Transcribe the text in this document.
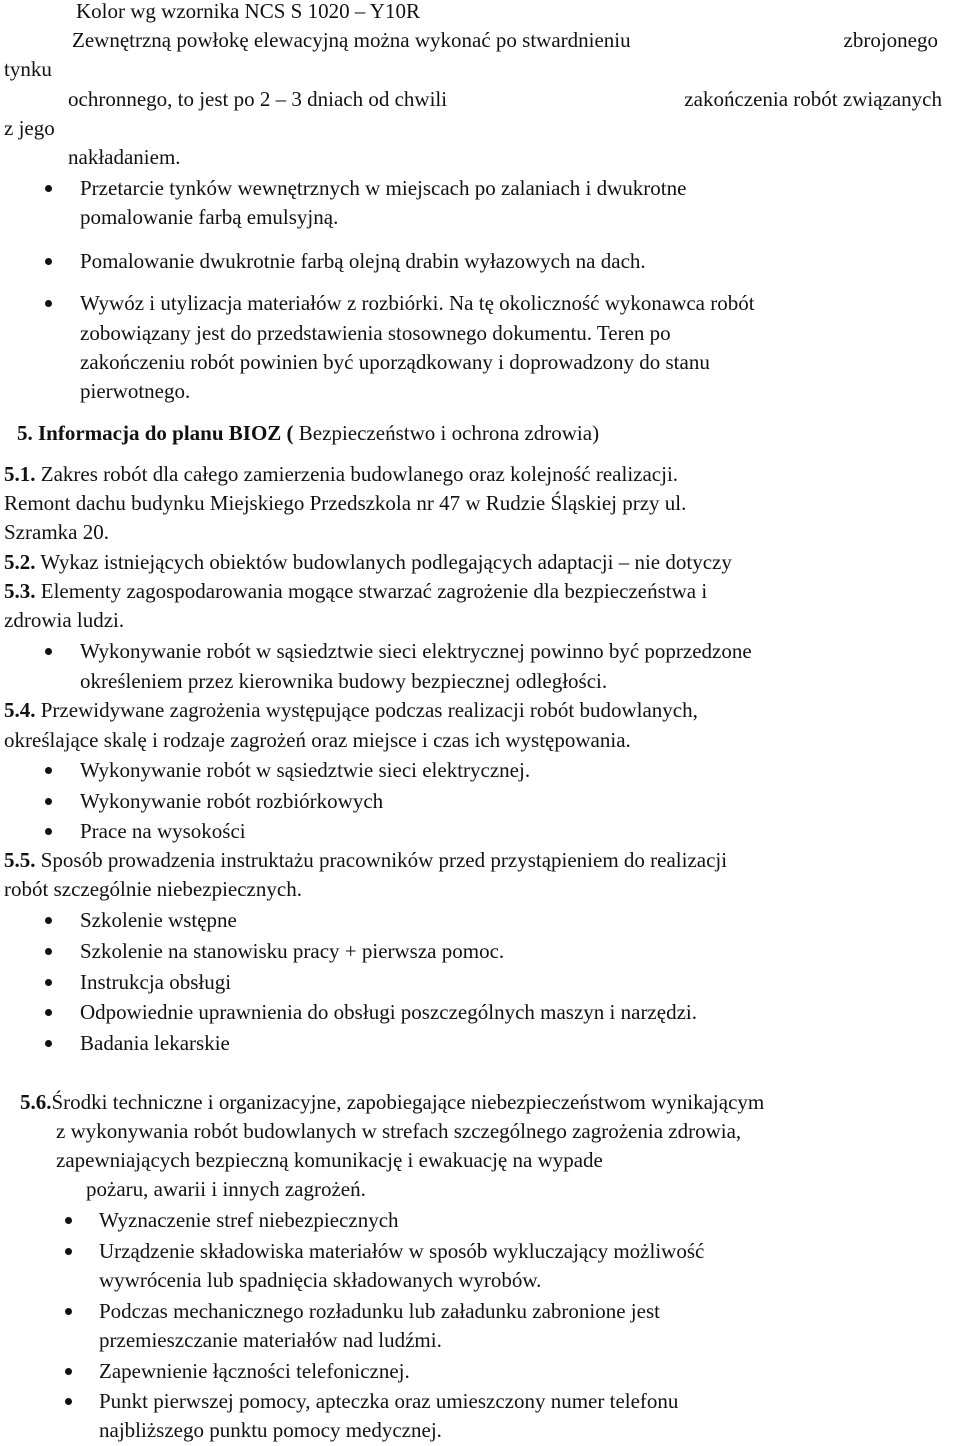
Kolor wg wzornika NCS S 1020 – Y10R
Zewnętrzną powłokę elewacyjną można wykonać po stwardnieniu	zbrojonego
tynku
ochronnego, to jest po 2 – 3 dniach od chwili	zakończenia robót związanych
z jego
nakładaniem.
Przetarcie tynków wewnętrznych w miejscach po zalaniach i dwukrotne
pomalowanie farbą emulsyjną.
Pomalowanie dwukrotnie farbą olejną drabin wyłazowych na dach.
Wywóz i utylizacja materiałów z rozbiórki. Na tę okoliczność wykonawca robót
zobowiązany jest do przedstawienia stosownego dokumentu. Teren po
zakończeniu robót powinien być uporządkowany i doprowadzony do stanu
pierwotnego.
5. Informacja do planu BIOZ ( Bezpieczeństwo i ochrona zdrowia)
5.1. Zakres robót dla całego zamierzenia budowlanego oraz kolejność realizacji.
Remont dachu budynku Miejskiego Przedszkola nr 47 w Rudzie Śląskiej przy ul.
Szramka 20.
5.2. Wykaz istniejących obiektów budowlanych podlegających adaptacji – nie dotyczy
5.3. Elementy zagospodarowania mogące stwarzać zagrożenie dla bezpieczeństwa i
zdrowia ludzi.
Wykonywanie robót w sąsiedztwie sieci elektrycznej powinno być poprzedzone
określeniem przez kierownika budowy bezpiecznej odległości.
5.4. Przewidywane zagrożenia występujące podczas realizacji robót budowlanych,
określające skalę i rodzaje zagrożeń oraz miejsce i czas ich występowania.
Wykonywanie robót w sąsiedztwie sieci elektrycznej.
Wykonywanie robót rozbiórkowych
Prace na wysokości
5.5. Sposób prowadzenia instruktażu pracowników przed przystąpieniem do realizacji
robót szczególnie niebezpiecznych.
Szkolenie wstępne
Szkolenie na stanowisku pracy + pierwsza pomoc.
Instrukcja obsługi
Odpowiednie uprawnienia do obsługi poszczególnych maszyn i narzędzi.
Badania lekarskie
5.6.Środki techniczne i organizacyjne, zapobiegające niebezpieczeństwom wynikającym
z wykonywania robót budowlanych w strefach szczególnego zagrożenia zdrowia,
zapewniających bezpieczną komunikację i ewakuację na wypade
pożaru, awarii i innych zagrożeń.
Wyznaczenie stref niebezpiecznych
Urządzenie składowiska materiałów w sposób wykluczający możliwość
wywrócenia lub spadnięcia składowanych wyrobów.
Podczas mechanicznego rozładunku lub załadunku zabronione jest
przemieszczanie materiałów nad ludźmi.
Zapewnienie łączności telefonicznej.
Punkt pierwszej pomocy, apteczka oraz umieszczony numer telefonu
najbliższego punktu pomocy medycznej.
